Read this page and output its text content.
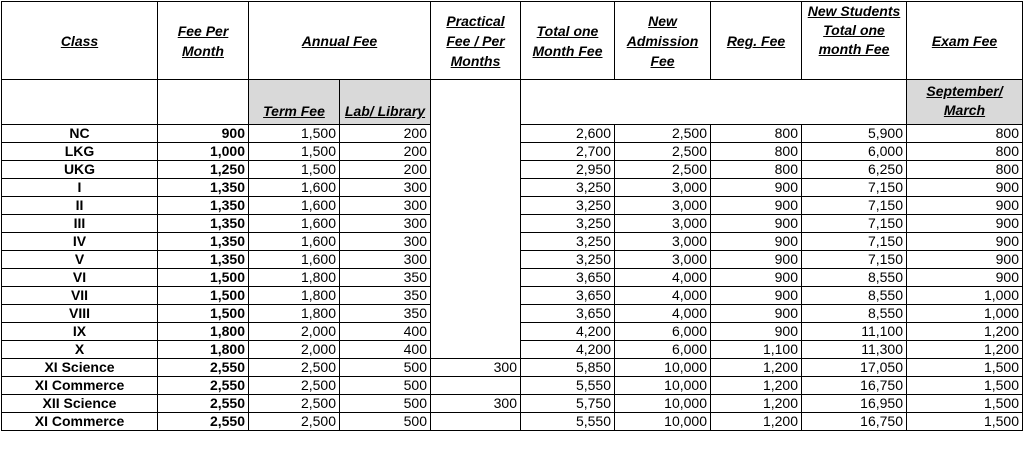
Class	Fee Per Month	Annual Fee		Practical Fee / Per Months	Total one Month Fee	New Admission Fee	Reg. Fee	New Students Total one month Fee	Exam Fee
		Term Fee	Lab/ Library						September/ March
NC	900	1,500	200		2,600	2,500	800	5,900	800
LKG	1,000	1,500	200		2,700	2,500	800	6,000	800
UKG	1,250	1,500	200		2,950	2,500	800	6,250	800
I	1,350	1,600	300		3,250	3,000	900	7,150	900
II	1,350	1,600	300		3,250	3,000	900	7,150	900
III	1,350	1,600	300		3,250	3,000	900	7,150	900
IV	1,350	1,600	300		3,250	3,000	900	7,150	900
V	1,350	1,600	300		3,250	3,000	900	7,150	900
VI	1,500	1,800	350		3,650	4,000	900	8,550	900
VII	1,500	1,800	350		3,650	4,000	900	8,550	1,000
VIII	1,500	1,800	350		3,650	4,000	900	8,550	1,000
IX	1,800	2,000	400		4,200	6,000	900	11,100	1,200
X	1,800	2,000	400		4,200	6,000	1,100	11,300	1,200
XI Science	2,550	2,500	500	300	5,850	10,000	1,200	17,050	1,500
XI Commerce	2,550	2,500	500		5,550	10,000	1,200	16,750	1,500
XII Science	2,550	2,500	500	300	5,750	10,000	1,200	16,950	1,500
XI Commerce	2,550	2,500	500		5,550	10,000	1,200	16,750	1,500
